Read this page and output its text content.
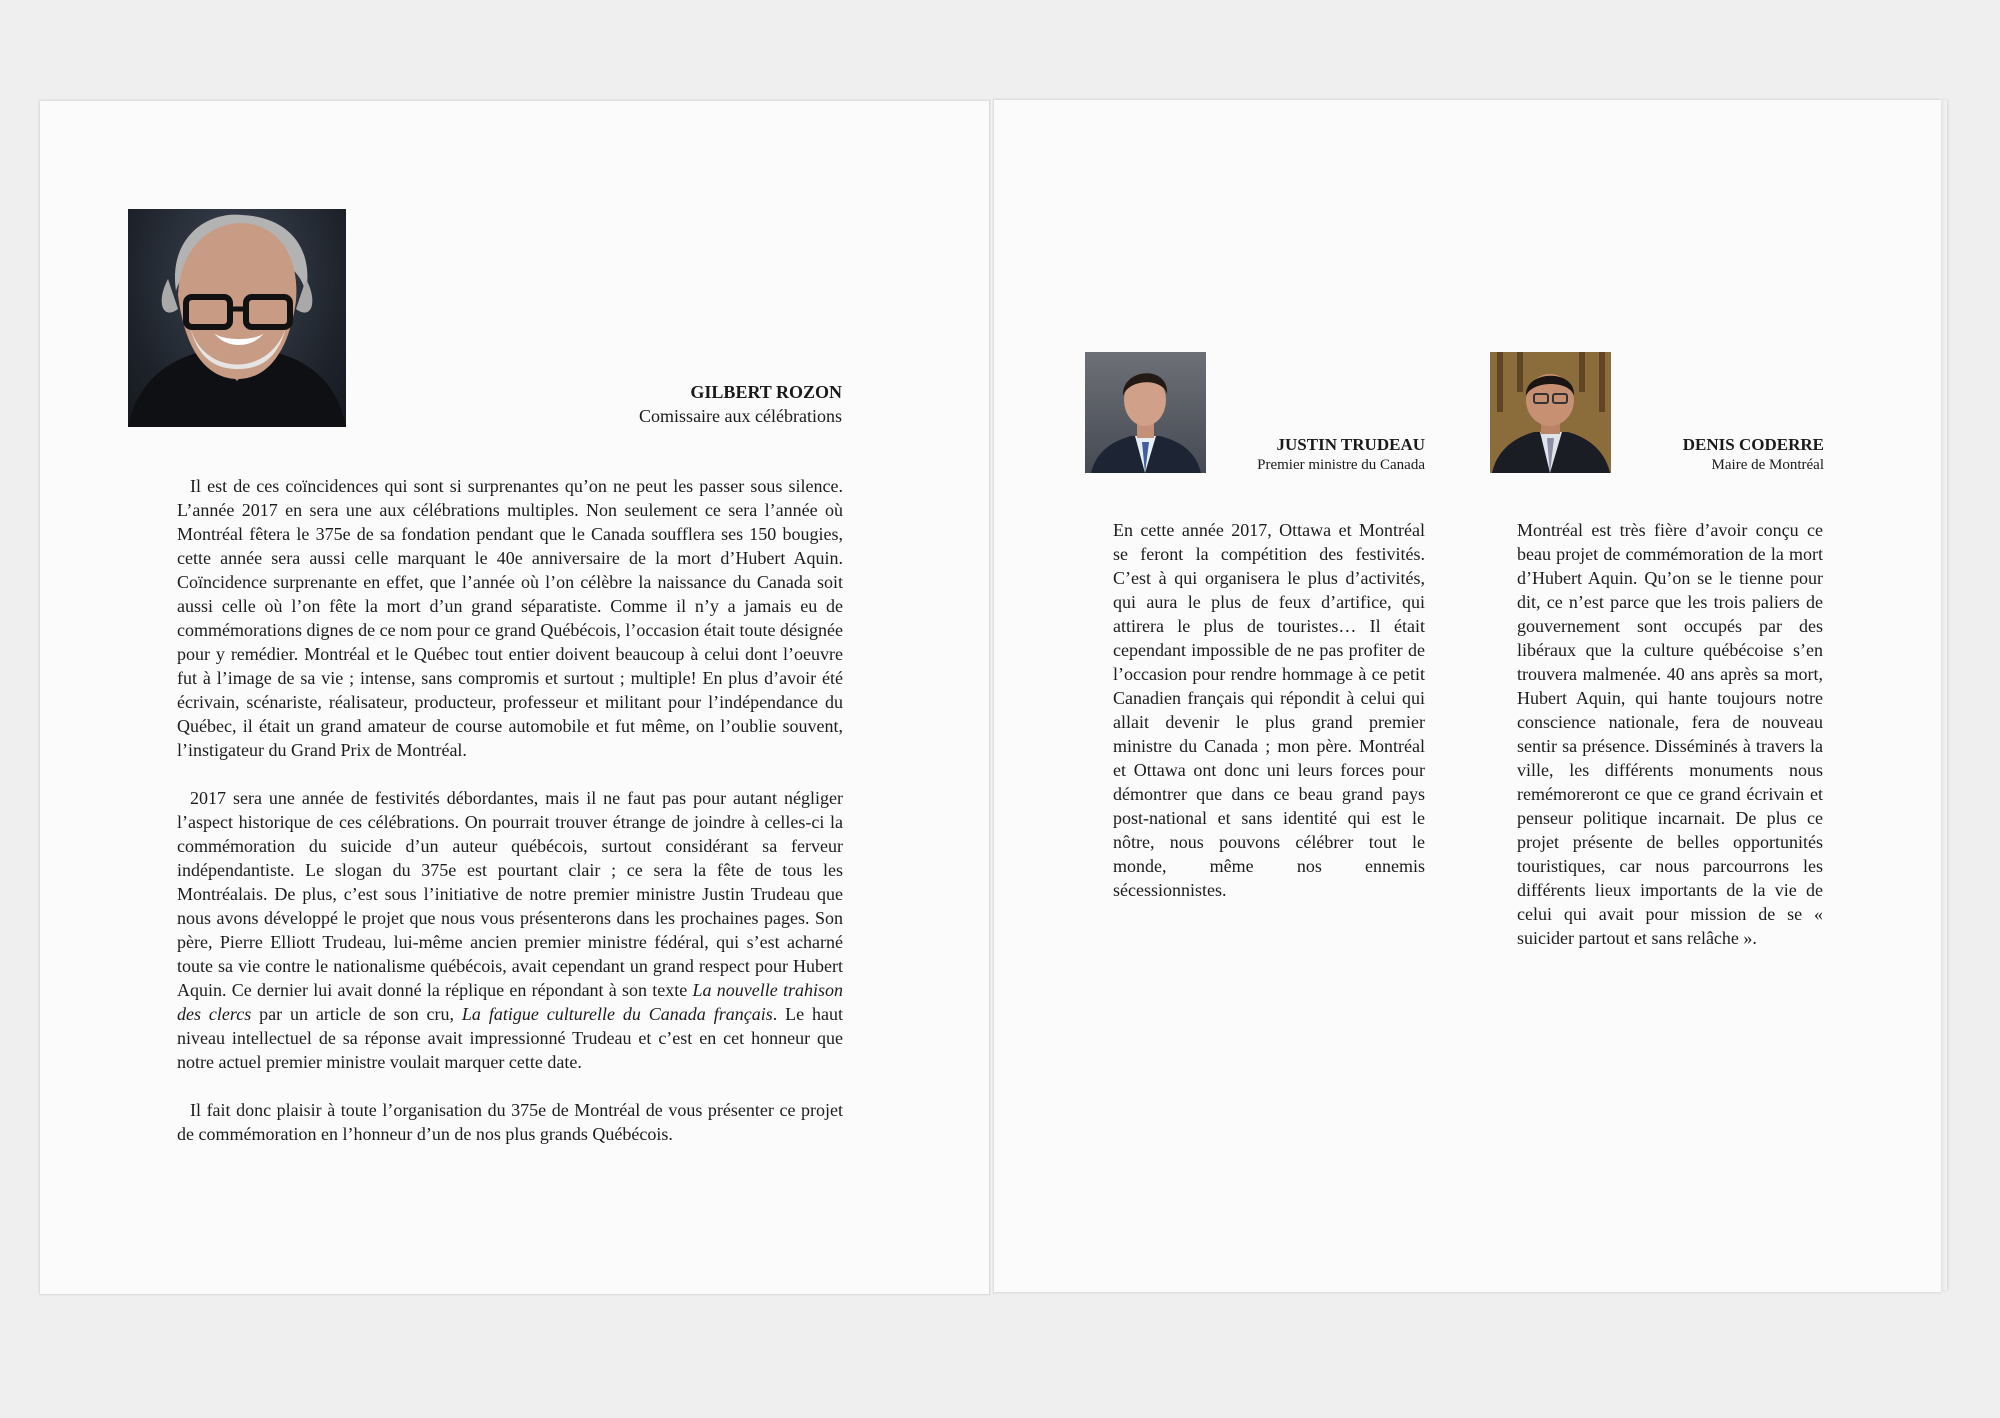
GILBERT ROZON
Comissaire aux célébrations

Il est de ces coïncidences qui sont si surprenantes qu’on ne peut les passer sous silence. L’année 2017 en sera une aux célébrations multiples. Non seulement ce sera l’année où Montréal fêtera le 375e de sa fondation pendant que le Canada soufflera ses 150 bougies, cette année sera aussi celle marquant le 40e anniversaire de la mort d’Hubert Aquin. Coïncidence surprenante en effet, que l’année où l’on célèbre la naissance du Canada soit aussi celle où l’on fête la mort d’un grand séparatiste. Comme il n’y a jamais eu de commémorations dignes de ce nom pour ce grand Québécois, l’occasion était toute désignée pour y remédier. Montréal et le Québec tout entier doivent beaucoup à celui dont l’oeuvre fut à l’image de sa vie ; intense, sans compromis et surtout ; multiple! En plus d’avoir été écrivain, scénariste, réalisateur, producteur, professeur et militant pour l’indépendance du Québec, il était un grand amateur de course automobile et fut même, on l’oublie souvent, l’instigateur du Grand Prix de Montréal.

2017 sera une année de festivités débordantes, mais il ne faut pas pour autant négliger l’aspect historique de ces célébrations. On pourrait trouver étrange de joindre à celles-ci la commémoration du suicide d’un auteur québécois, surtout considérant sa ferveur indépendantiste. Le slogan du 375e est pourtant clair ; ce sera la fête de tous les Montréalais. De plus, c’est sous l’initiative de notre premier ministre Justin Trudeau que nous avons développé le projet que nous vous présenterons dans les prochaines pages. Son père, Pierre Elliott Trudeau, lui-même ancien premier ministre fédéral, qui s’est acharné toute sa vie contre le nationalisme québécois, avait cependant un grand respect pour Hubert Aquin. Ce dernier lui avait donné la réplique en répondant à son texte La nouvelle trahison des clercs par un article de son cru, La fatigue culturelle du Canada français. Le haut niveau intellectuel de sa réponse avait impressionné Trudeau et c’est en cet honneur que notre actuel premier ministre voulait marquer cette date.

Il fait donc plaisir à toute l’organisation du 375e de Montréal de vous présenter ce projet de commémoration en l’honneur d’un de nos plus grands Québécois.

JUSTIN TRUDEAU
Premier ministre du Canada

En cette année 2017, Ottawa et Montréal se feront la compétition des festivités. C’est à qui organisera le plus d’activités, qui aura le plus de feux d’artifice, qui attirera le plus de touristes… Il était cependant impossible de ne pas profiter de l’occasion pour rendre hommage à ce petit Canadien français qui répondit à celui qui allait devenir le plus grand premier ministre du Canada ; mon père. Montréal et Ottawa ont donc uni leurs forces pour démontrer que dans ce beau grand pays post-national et sans identité qui est le nôtre, nous pouvons célébrer tout le monde, même nos ennemis sécessionnistes.

DENIS CODERRE
Maire de Montréal

Montréal est très fière d’avoir conçu ce beau projet de commémoration de la mort d’Hubert Aquin. Qu’on se le tienne pour dit, ce n’est parce que les trois paliers de gouvernement sont occupés par des libéraux que la culture québécoise s’en trouvera malmenée. 40 ans après sa mort, Hubert Aquin, qui hante toujours notre conscience nationale, fera de nouveau sentir sa présence. Disséminés à travers la ville, les différents monuments nous remémoreront ce que ce grand écrivain et penseur politique incarnait. De plus ce projet présente de belles opportunités touristiques, car nous parcourrons les différents lieux importants de la vie de celui qui avait pour mission de se « suicider partout et sans relâche ».
